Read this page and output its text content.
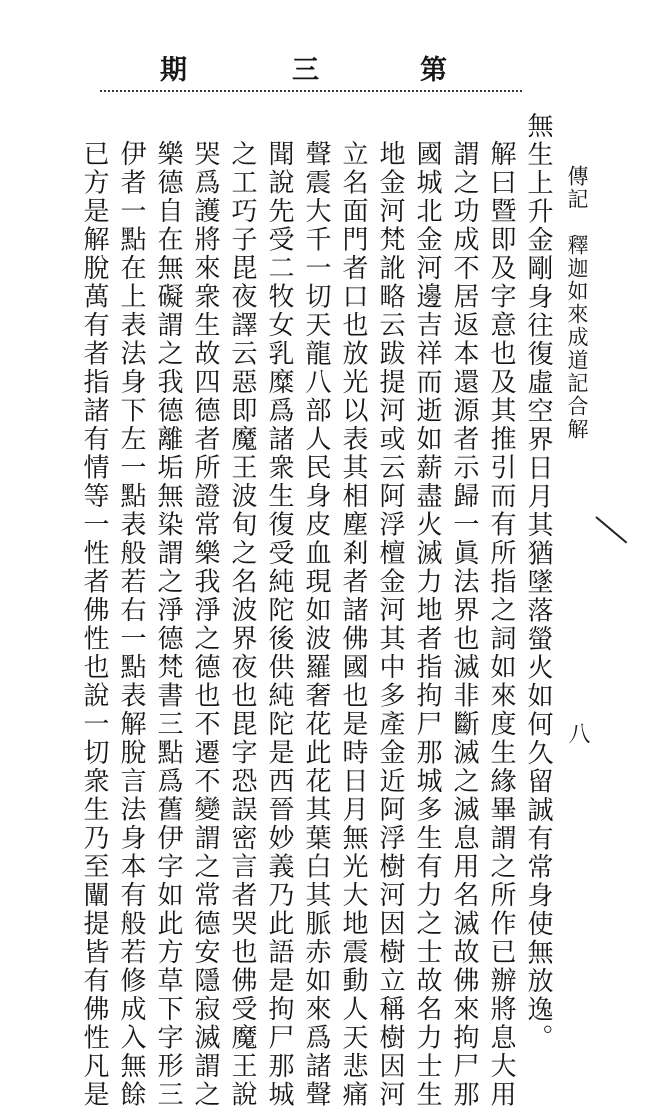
第
三
期
傳記　釋迦如來成道記合解
八
無生上升金剛身往復虛空界日月其猶墜落螢火如何久留誠有常身使無放逸。
解曰暨即及字意也及其推引而有所指之詞如來度生緣畢謂之所作已辦將息大用
謂之功成不居返本還源者示歸一眞法界也滅非斷滅之滅息用名滅故佛來拘尸那
國城北金河邊吉祥而逝如薪盡火滅力地者指拘尸那城多生有力之士故名力士生
地金河梵訛略云跋提河或云阿浮檀金河其中多產金近阿浮樹河因樹立稱樹因河
立名面門者口也放光以表其相塵剎者諸佛國也是時日月無光大地震動人天悲痛
聲震大千一切天龍八部人民身皮血現如波羅奢花此花其葉白其脈赤如來爲諸聲
聞說先受二牧女乳糜爲諸衆生復受純陀後供純陀是西晉妙義乃此語是拘尸那城
之工巧子毘夜譯云惡即魔王波旬之名波界夜也毘字恐誤密言者哭也佛受魔王說
哭爲護將來衆生故四德者所證常樂我淨之德也不遷不變謂之常德安隱寂滅謂之
樂德自在無礙謂之我德離垢無染謂之淨德梵書三點爲舊伊字如此方草下字形三
伊者一點在上表法身下左一點表般若右一點表解脫言法身本有般若修成入無餘
已方是解脫萬有者指諸有情等一性者佛性也說一切衆生乃至闡提皆有佛性凡是
